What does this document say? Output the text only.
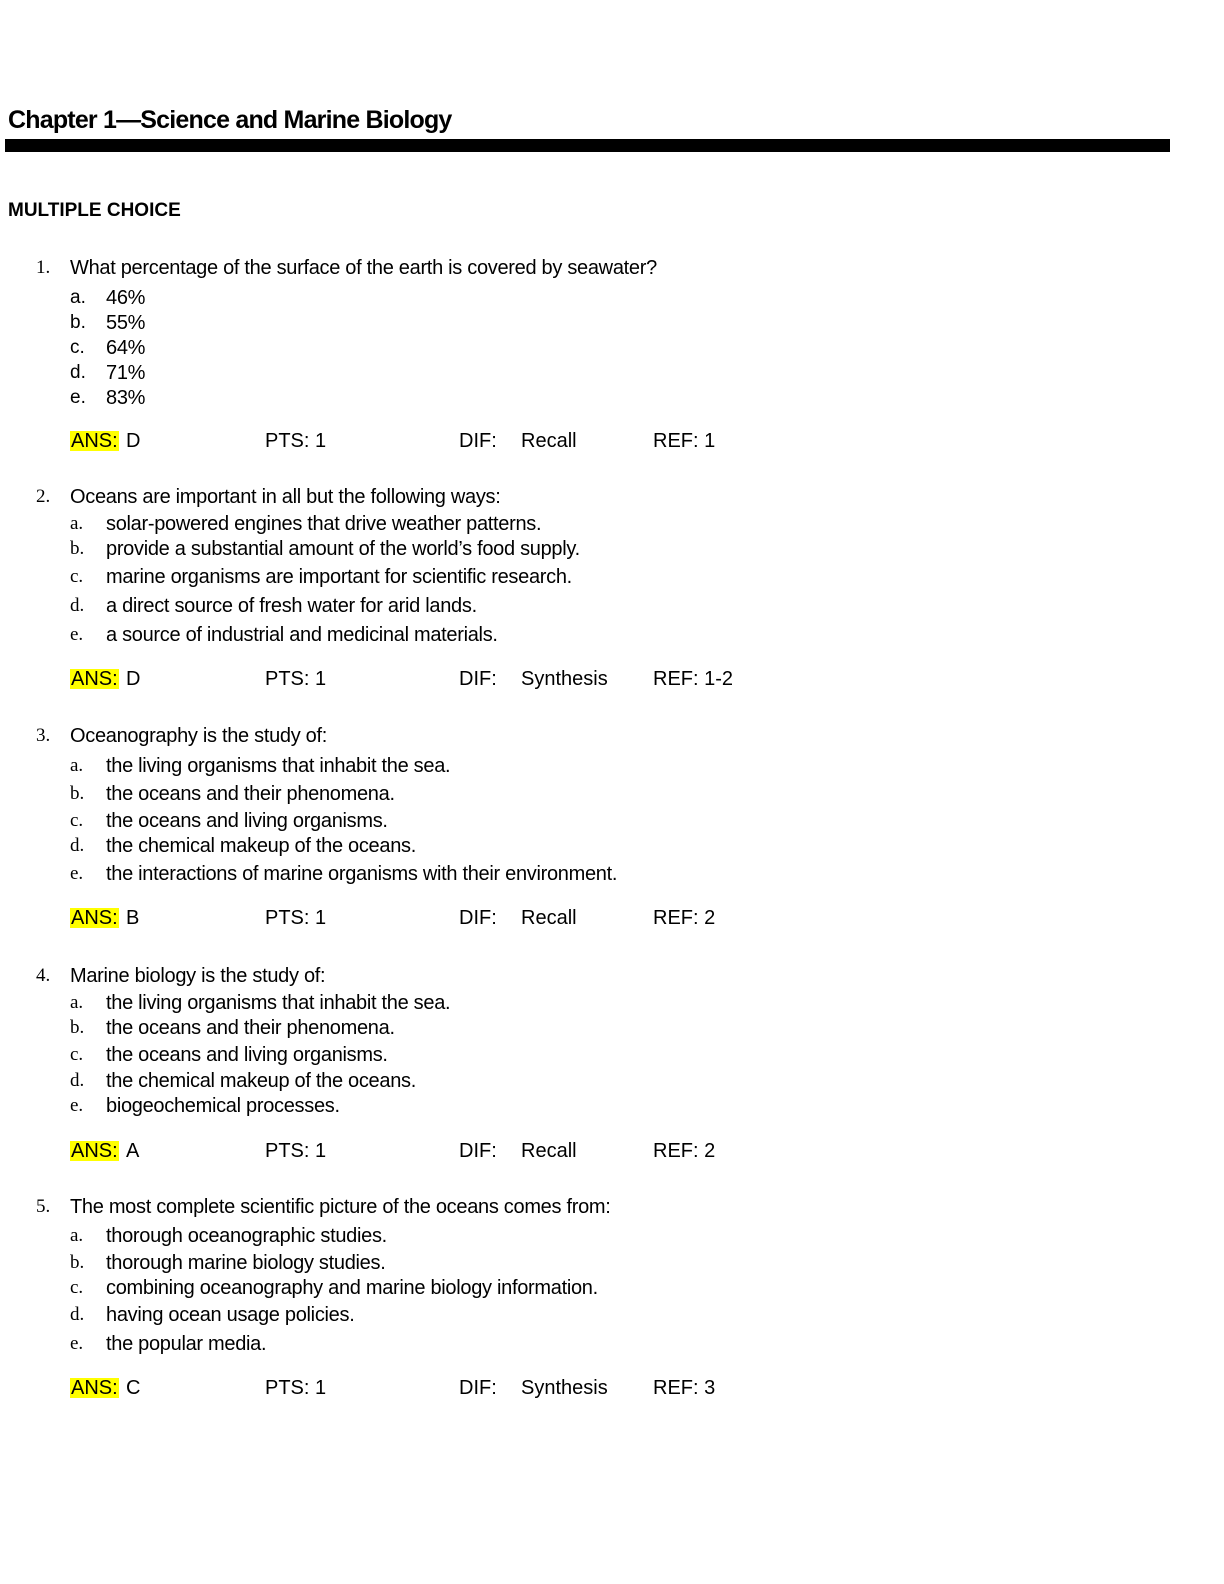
Chapter 1—Science and Marine Biology
MULTIPLE CHOICE
1. What percentage of the surface of the earth is covered by seawater?
a. 46%
b. 55%
c. 64%
d. 71%
e. 83%
ANS: D	PTS: 1	DIF: Recall	REF: 1
2. Oceans are important in all but the following ways:
a. solar-powered engines that drive weather patterns.
b. provide a substantial amount of the world’s food supply.
c. marine organisms are important for scientific research.
d. a direct source of fresh water for arid lands.
e. a source of industrial and medicinal materials.
ANS: D	PTS: 1	DIF: Synthesis REF: 1-2
3. Oceanography is the study of:
a. the living organisms that inhabit the sea.
b. the oceans and their phenomena.
c. the oceans and living organisms.
d. the chemical makeup of the oceans.
e. the interactions of marine organisms with their environment.
ANS: B	PTS: 1	DIF: Recall	REF: 2
4. Marine biology is the study of:
a. the living organisms that inhabit the sea.
b. the oceans and their phenomena.
c. the oceans and living organisms.
d. the chemical makeup of the oceans.
e. biogeochemical processes.
ANS: A	PTS: 1	DIF: Recall	REF: 2
5. The most complete scientific picture of the oceans comes from:
a. thorough oceanographic studies.
b. thorough marine biology studies.
c. combining oceanography and marine biology information.
d. having ocean usage policies.
e. the popular media.
ANS: C	PTS: 1	DIF: Synthesis REF: 3
